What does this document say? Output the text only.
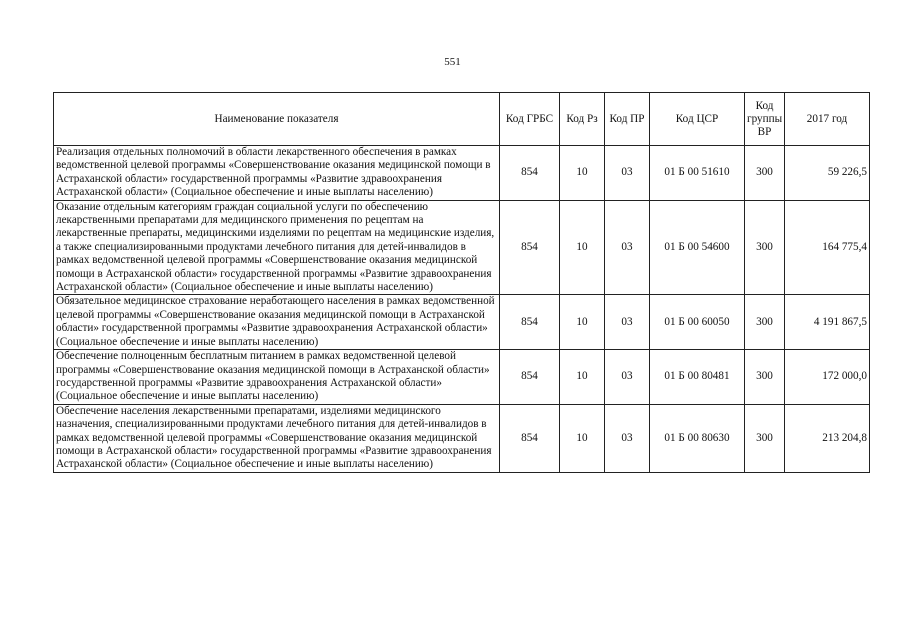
551
Наименование показателя	Код ГРБС	Код Рз	Код ПР	Код ЦСР	Код группы ВР	2017 год
Реализация отдельных полномочий в области лекарственного обеспечения в рамках ведомственной целевой программы «Совершенствование оказания медицинской помощи в Астраханской области» государственной программы «Развитие здравоохранения Астраханской области» (Социальное обеспечение и иные выплаты населению)	854	10	03	01 Б 00 51610	300	59 226,5
Оказание отдельным категориям граждан социальной услуги по обеспечению лекарственными препаратами для медицинского применения по рецептам на лекарственные препараты, медицинскими изделиями по рецептам на медицинские изделия, а также специализированными продуктами лечебного питания для детей-инвалидов в рамках ведомственной целевой программы «Совершенствование оказания медицинской помощи в Астраханской области» государственной программы «Развитие здравоохранения Астраханской области» (Социальное обеспечение и иные выплаты населению)	854	10	03	01 Б 00 54600	300	164 775,4
Обязательное медицинское страхование неработающего населения в рамках ведомственной целевой программы «Совершенствование оказания медицинской помощи в Астраханской области» государственной программы «Развитие здравоохранения Астраханской области» (Социальное обеспечение и иные выплаты населению)	854	10	03	01 Б 00 60050	300	4 191 867,5
Обеспечение полноценным бесплатным питанием в рамках ведомственной целевой программы «Совершенствование оказания медицинской помощи в Астраханской области» государственной программы «Развитие здравоохранения Астраханской области» (Социальное обеспечение и иные выплаты населению)	854	10	03	01 Б 00 80481	300	172 000,0
Обеспечение населения лекарственными препаратами, изделиями медицинского назначения, специализированными продуктами лечебного питания для детей-инвалидов в рамках ведомственной целевой программы «Совершенствование оказания медицинской помощи в Астраханской области» государственной программы «Развитие здравоохранения Астраханской области» (Социальное обеспечение и иные выплаты населению)	854	10	03	01 Б 00 80630	300	213 204,8
